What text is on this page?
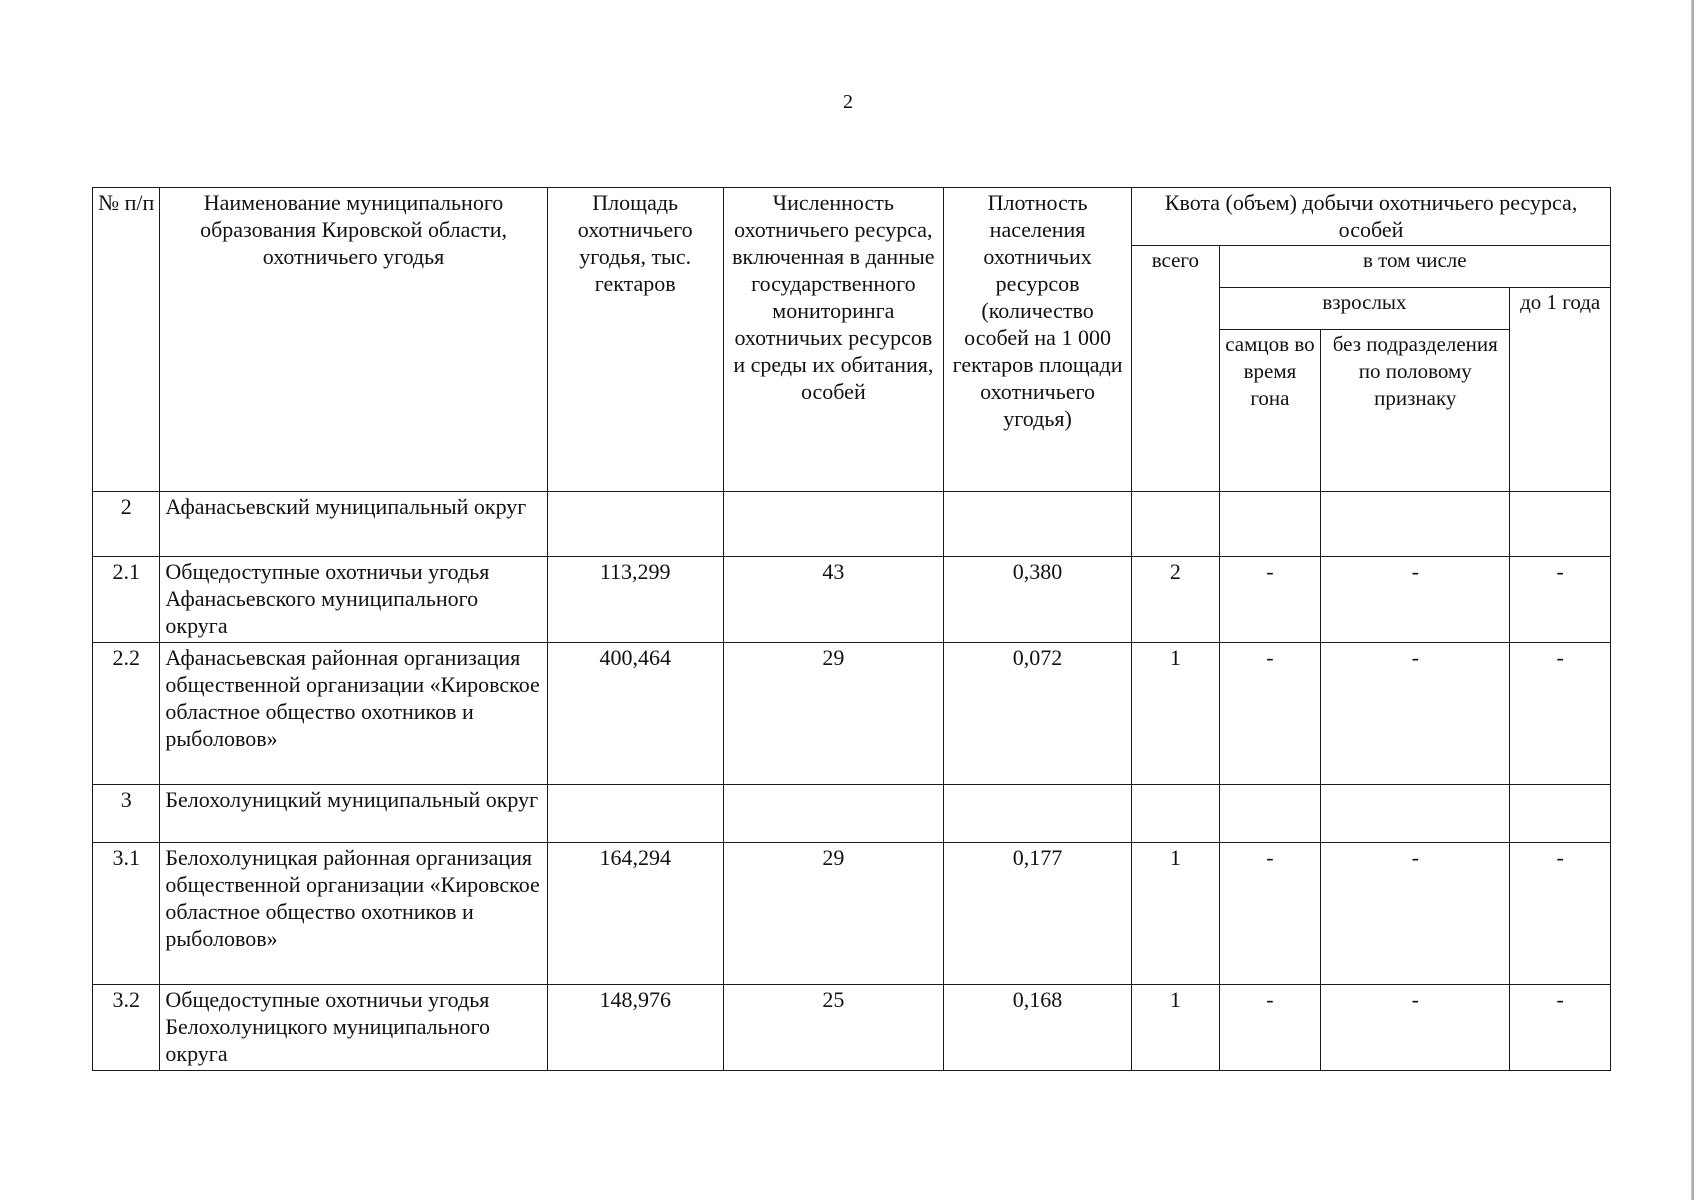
2
№ п/п	Наименование муниципального образования Кировской области, охотничьего угодья	Площадь охотничьего угодья, тыс. гектаров	Численность охотничьего ресурса, включенная в данные государственного мониторинга охотничьих ресурсов и среды их обитания, особей	Плотность населения охотничьих ресурсов (количество особей на 1 000 гектаров площади охотничьего угодья)	Квота (объем) добычи охотничьего ресурса, особей			
					всего	в том числе		
						взрослых		до 1 года
						самцов во время гона	без подразделения по половому признаку	
2	Афанасьевский муниципальный округ							
2.1	Общедоступные охотничьи угодья Афанасьевского муниципального округа	113,299	43	0,380	2	-	-	-
2.2	Афанасьевская районная организация общественной организации «Кировское областное общество охотников и рыболовов»	400,464	29	0,072	1	-	-	-
3	Белохолуницкий муниципальный округ							
3.1	Белохолуницкая районная организация общественной организации «Кировское областное общество охотников и рыболовов»	164,294	29	0,177	1	-	-	-
3.2	Общедоступные охотничьи угодья Белохолуницкого муниципального округа	148,976	25	0,168	1	-	-	-
